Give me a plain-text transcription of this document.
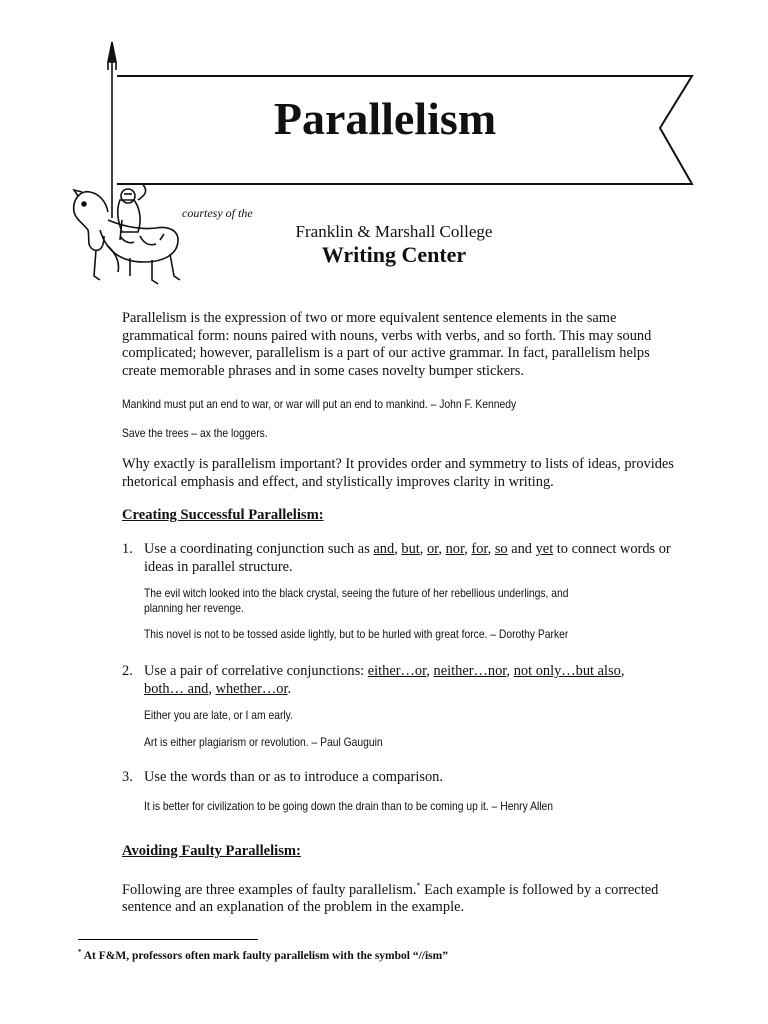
Parallelism
courtesy of the
Franklin & Marshall College
Writing Center
Parallelism is the expression of two or more equivalent sentence elements in the same grammatical form: nouns paired with nouns, verbs with verbs, and so forth. This may sound complicated; however, parallelism is a part of our active grammar. In fact, parallelism helps create memorable phrases and in some cases novelty bumper stickers.
Mankind must put an end to war, or war will put an end to mankind. – John F. Kennedy
Save the trees – ax the loggers.
Why exactly is parallelism important? It provides order and symmetry to lists of ideas, provides rhetorical emphasis and effect, and stylistically improves clarity in writing.
Creating Successful Parallelism:
1. Use a coordinating conjunction such as and, but, or, nor, for, so and yet to connect words or ideas in parallel structure.
The evil witch looked into the black crystal, seeing the future of her rebellious underlings, and
planning her revenge.
This novel is not to be tossed aside lightly, but to be hurled with great force. – Dorothy Parker
2. Use a pair of correlative conjunctions: either…or, neither…nor, not only…but also,
both… and, whether…or.
Either you are late, or I am early.
Art is either plagiarism or revolution. – Paul Gauguin
3. Use the words than or as to introduce a comparison.
It is better for civilization to be going down the drain than to be coming up it. – Henry Allen
Avoiding Faulty Parallelism:
Following are three examples of faulty parallelism.* Each example is followed by a corrected sentence and an explanation of the problem in the example.
* At F&M, professors often mark faulty parallelism with the symbol “//ism”
